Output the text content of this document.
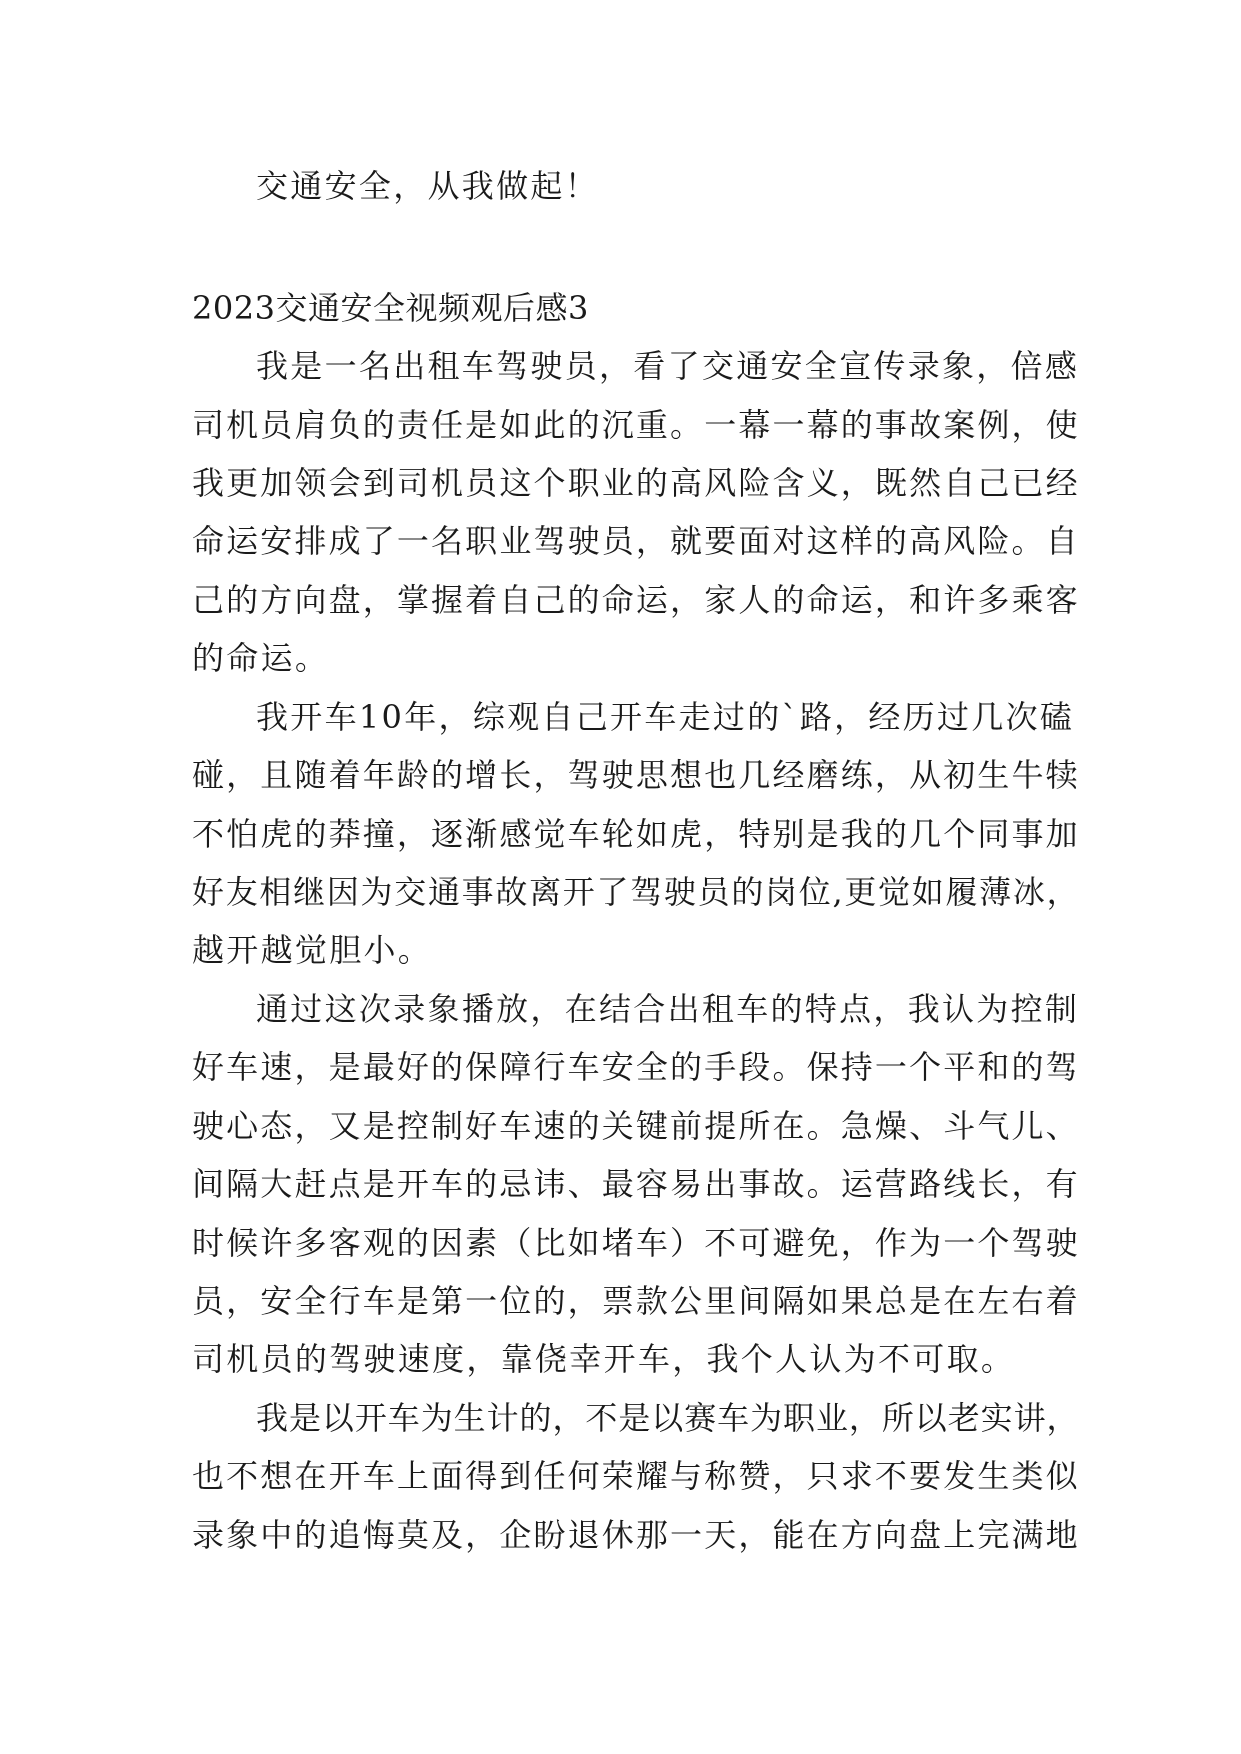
交通安全，从我做起！
2023交通安全视频观后感3
我是一名出租车驾驶员，看了交通安全宣传录象，倍感
司机员肩负的责任是如此的沉重。一幕一幕的事故案例，使
我更加领会到司机员这个职业的高风险含义，既然自己已经
命运安排成了一名职业驾驶员，就要面对这样的高风险。自
己的方向盘，掌握着自己的命运，家人的命运，和许多乘客
的命运。
我开车10年，综观自己开车走过的`路，经历过几次磕
碰，且随着年龄的增长，驾驶思想也几经磨练，从初生牛犊
不怕虎的莽撞，逐渐感觉车轮如虎，特别是我的几个同事加
好友相继因为交通事故离开了驾驶员的岗位,更觉如履薄冰，
越开越觉胆小。
通过这次录象播放，在结合出租车的特点，我认为控制
好车速，是最好的保障行车安全的手段。保持一个平和的驾
驶心态，又是控制好车速的关键前提所在。急燥、斗气儿、
间隔大赶点是开车的忌讳、最容易出事故。运营路线长，有
时候许多客观的因素（比如堵车）不可避免，作为一个驾驶
员，安全行车是第一位的，票款公里间隔如果总是在左右着
司机员的驾驶速度，靠侥幸开车，我个人认为不可取。
我是以开车为生计的，不是以赛车为职业，所以老实讲，
也不想在开车上面得到任何荣耀与称赞，只求不要发生类似
录象中的追悔莫及，企盼退休那一天，能在方向盘上完满地
